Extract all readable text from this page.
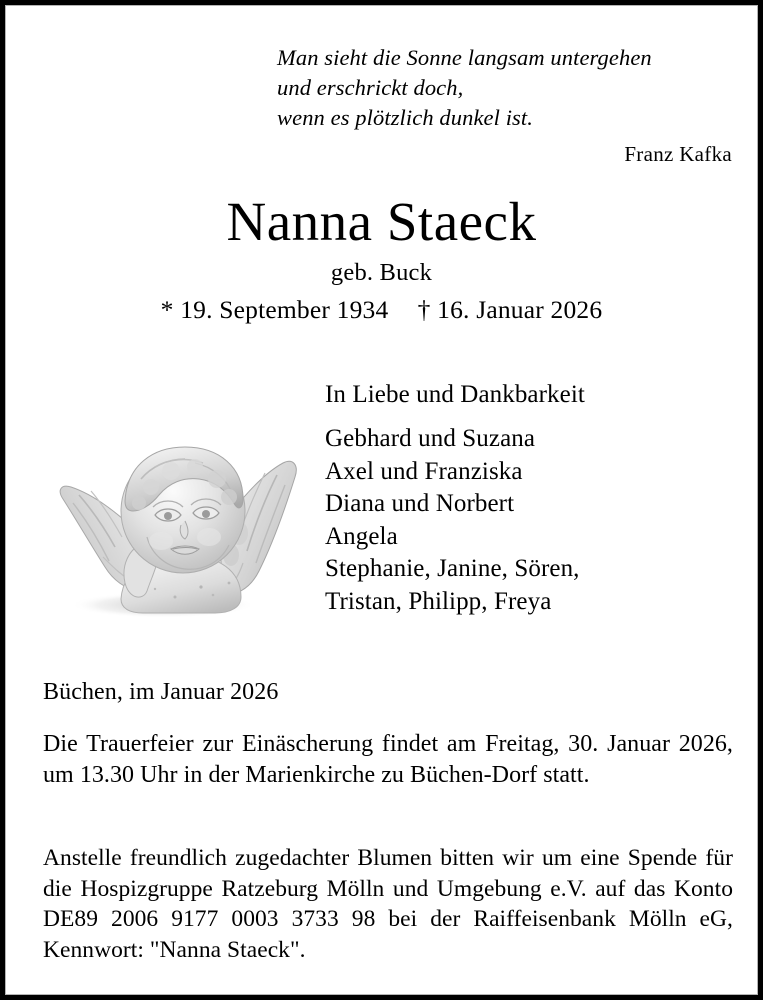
Man sieht die Sonne langsam untergehen
und erschrickt doch,
wenn es plötzlich dunkel ist.
Franz Kafka
Nanna Staeck
geb. Buck
* 19. September 1934 † 16. Januar 2026
In Liebe und Dankbarkeit
Gebhard und Suzana
Axel und Franziska
Diana und Norbert
Angela
Stephanie, Janine, Sören,
Tristan, Philipp, Freya
Büchen, im Januar 2026
Die Trauerfeier zur Einäscherung findet am Freitag, 30. Januar 2026, um 13.30 Uhr in der Marienkirche zu Büchen-Dorf statt.
Anstelle freundlich zugedachter Blumen bitten wir um eine Spende für die Hospizgruppe Ratzeburg Mölln und Umgebung e.V. auf das Konto DE89 2006 9177 0003 3733 98 bei der Raiffeisenbank Mölln eG, Kennwort: "Nanna Staeck".
